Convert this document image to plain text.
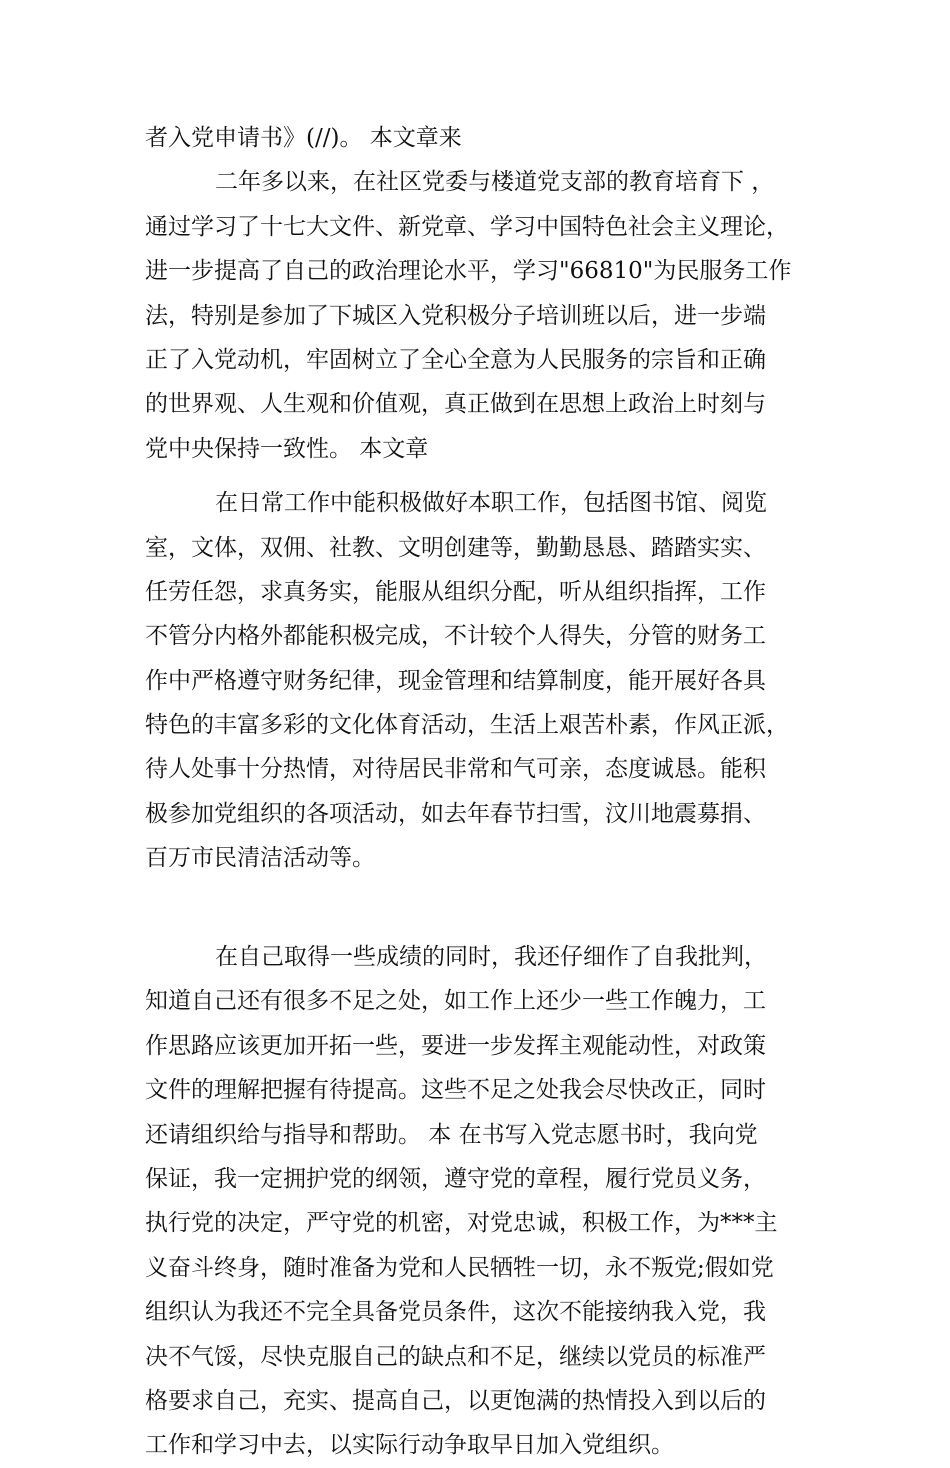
者入党申请书》(//)。 本文章来
二年多以来，在社区党委与楼道党支部的教育培育下 ，
通过学习了十七大文件、新党章、学习中国特色社会主义理论，
进一步提高了自己的政治理论水平，学习"66810"为民服务工作
法，特别是参加了下城区入党积极分子培训班以后，进一步端
正了入党动机，牢固树立了全心全意为人民服务的宗旨和正确
的世界观、人生观和价值观，真正做到在思想上政治上时刻与
党中央保持一致性。 本文章
在日常工作中能积极做好本职工作，包括图书馆、阅览
室，文体，双佣、社教、文明创建等，勤勤恳恳、踏踏实实、
任劳任怨，求真务实，能服从组织分配，听从组织指挥，工作
不管分内格外都能积极完成，不计较个人得失，分管的财务工
作中严格遵守财务纪律，现金管理和结算制度，能开展好各具
特色的丰富多彩的文化体育活动，生活上艰苦朴素，作风正派，
待人处事十分热情，对待居民非常和气可亲，态度诚恳。能积
极参加党组织的各项活动，如去年春节扫雪，汶川地震募捐、
百万市民清洁活动等。
在自己取得一些成绩的同时，我还仔细作了自我批判，
知道自己还有很多不足之处，如工作上还少一些工作魄力，工
作思路应该更加开拓一些，要进一步发挥主观能动性，对政策
文件的理解把握有待提高。这些不足之处我会尽快改正，同时
还请组织给与指导和帮助。 本 在书写入党志愿书时，我向党
保证，我一定拥护党的纲领，遵守党的章程，履行党员义务，
执行党的决定，严守党的机密，对党忠诚，积极工作，为***主
义奋斗终身，随时准备为党和人民牺牲一切，永不叛党;假如党
组织认为我还不完全具备党员条件，这次不能接纳我入党，我
决不气馁，尽快克服自己的缺点和不足，继续以党员的标准严
格要求自己，充实、提高自己，以更饱满的热情投入到以后的
工作和学习中去，以实际行动争取早日加入党组织。
